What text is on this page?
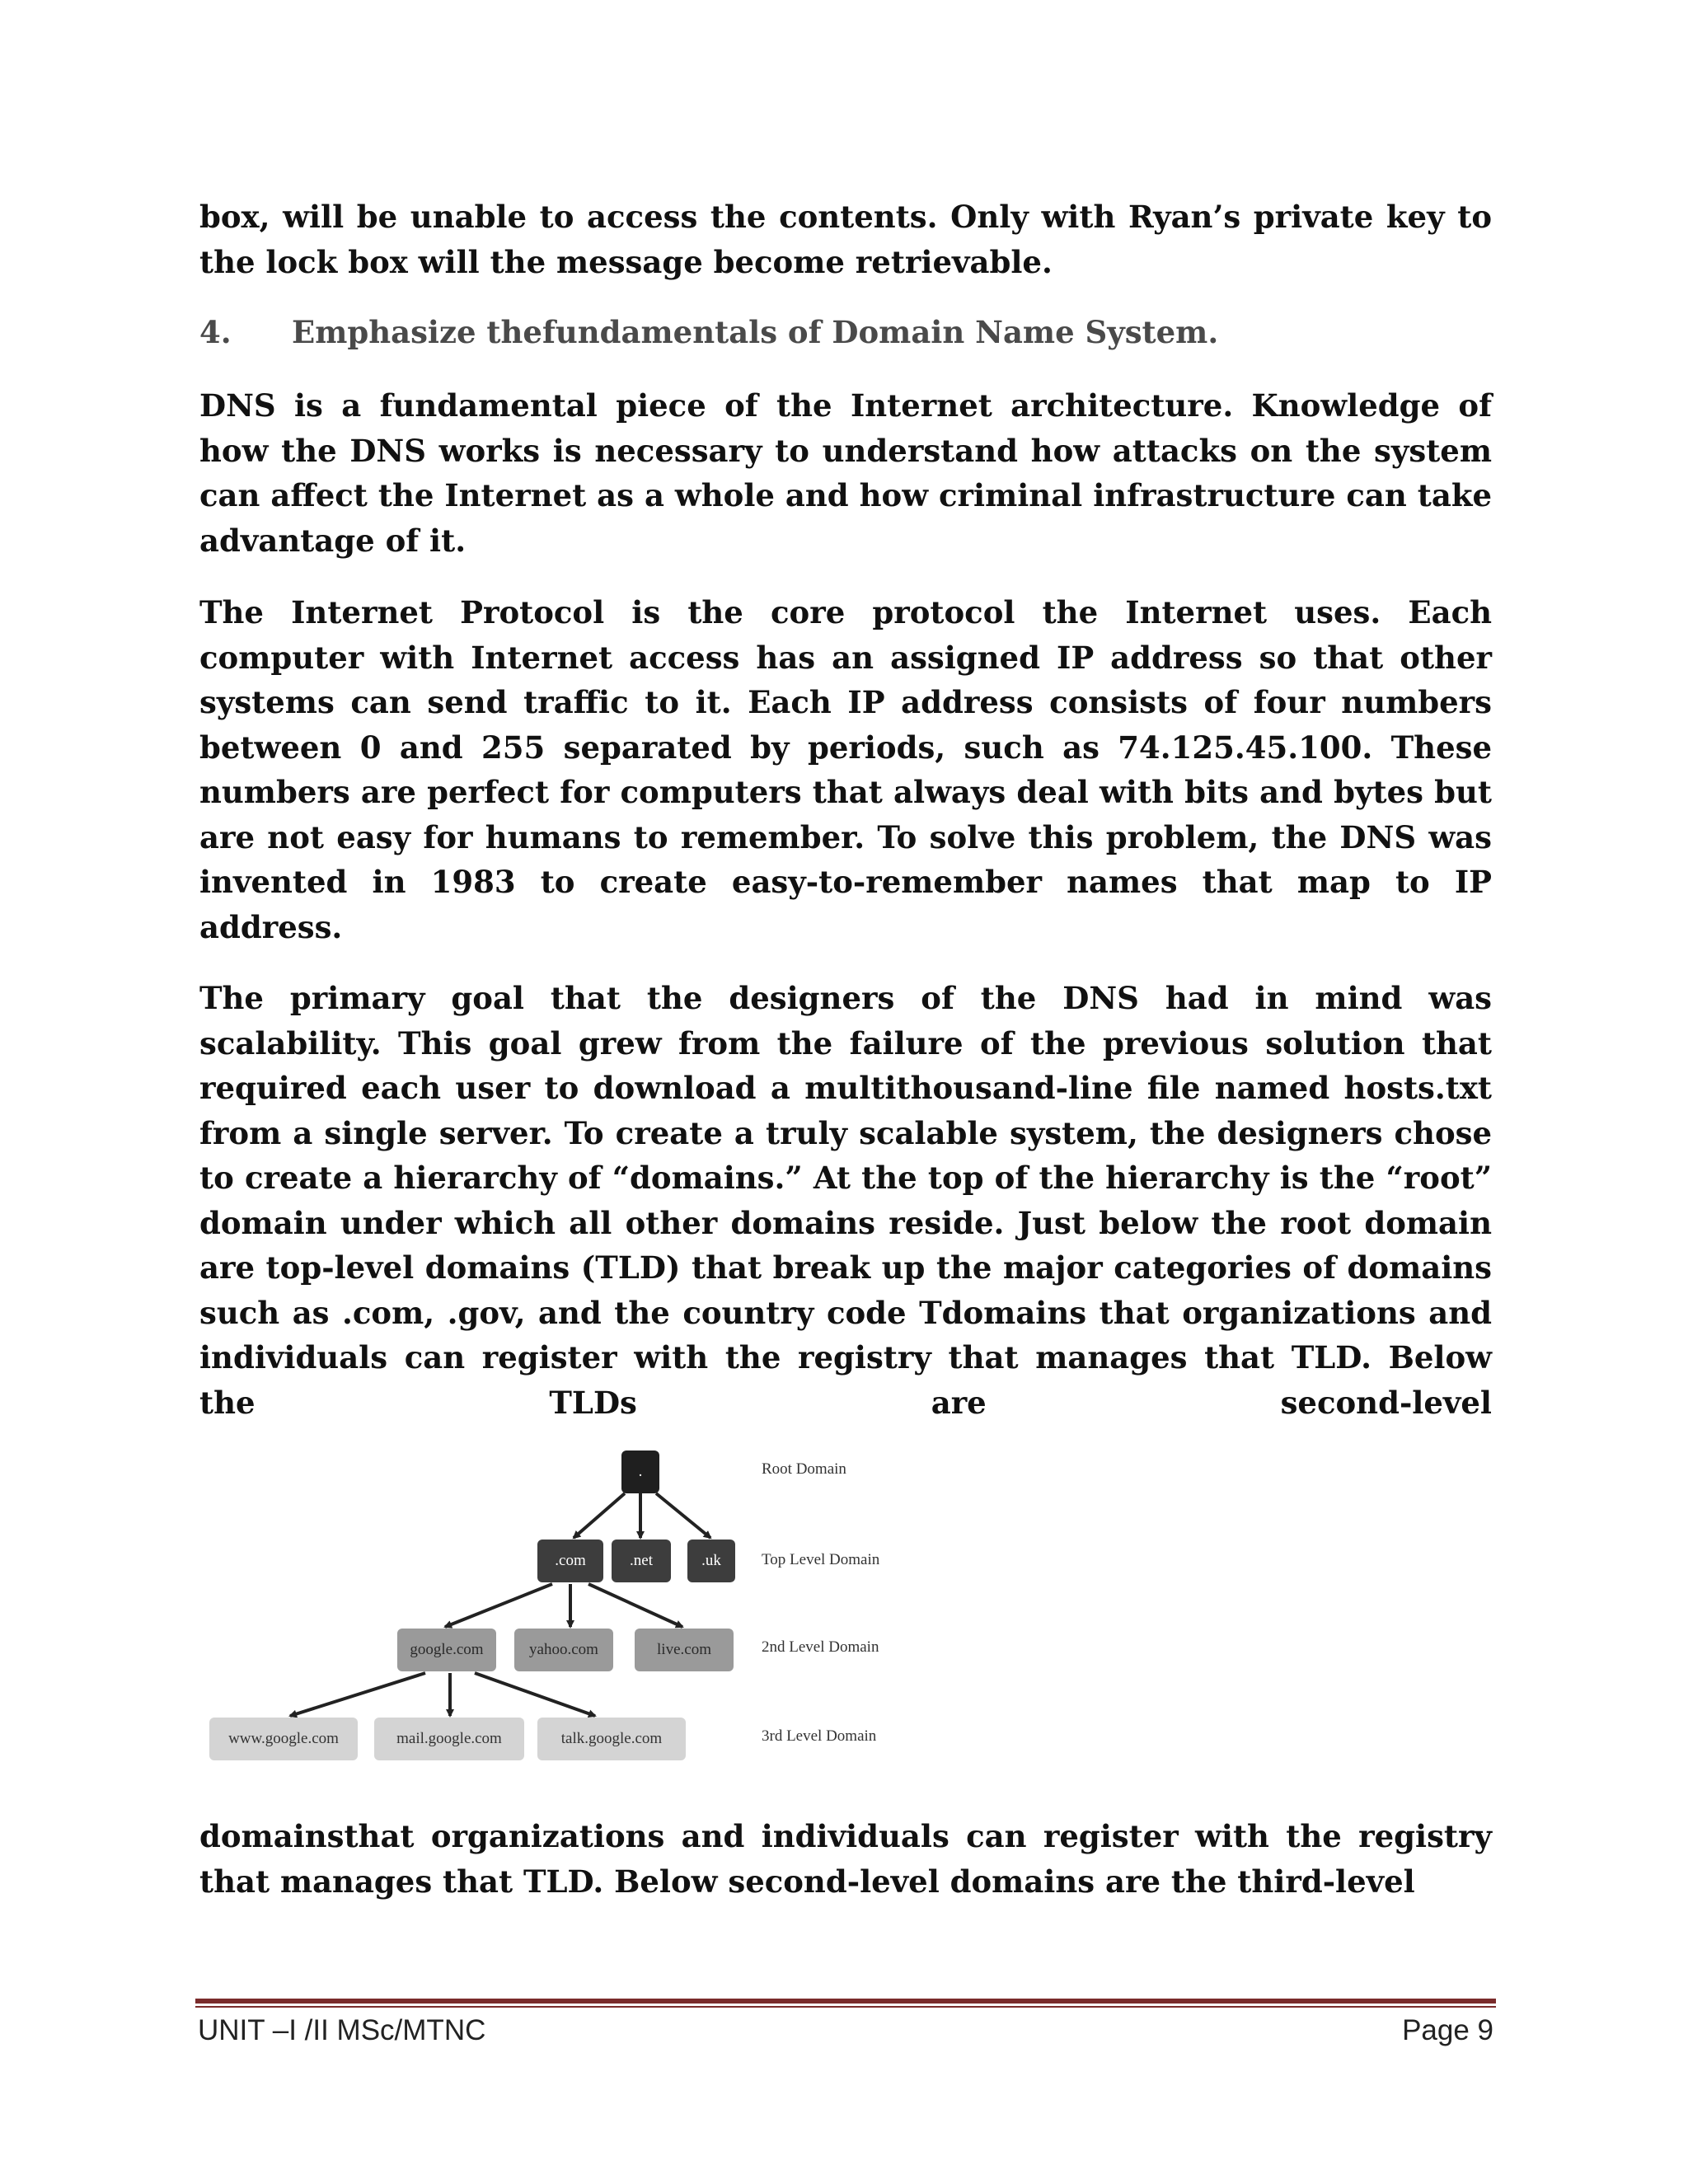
box, will be unable to access the contents. Only with Ryan’s private key to the lock box will the message become retrievable.

4. Emphasize thefundamentals of Domain Name System.

DNS is a fundamental piece of the Internet architecture. Knowledge of how the DNS works is necessary to understand how attacks on the system can affect the Internet as a whole and how criminal infrastructure can take advantage of it.

The Internet Protocol is the core protocol the Internet uses. Each computer with Internet access has an assigned IP address so that other systems can send traffic to it. Each IP address consists of four numbers between 0 and 255 separated by periods, such as 74.125.45.100. These numbers are perfect for computers that always deal with bits and bytes but are not easy for humans to remember. To solve this problem, the DNS was invented in 1983 to create easy-to-remember names that map to IP address.

The primary goal that the designers of the DNS had in mind was scalability. This goal grew from the failure of the previous solution that required each user to download a multithousand-line file named hosts.txt from a single server. To create a truly scalable system, the designers chose to create a hierarchy of “domains.” At the top of the hierarchy is the “root” domain under which all other domains reside. Just below the root domain are top-level domains (TLD) that break up the major categories of domains such as .com, .gov, and the country code Tdomains that organizations and individuals can register with the registry that manages that TLD. Below the TLDs are second-level

.
.com	.net	.uk
google.com	yahoo.com	live.com
www.google.com	mail.google.com	talk.google.com
Root Domain
Top Level Domain
2nd Level Domain
3rd Level Domain

domainsthat organizations and individuals can register with the registry that manages that TLD. Below second-level domains are the third-level

UNIT –I /II MSc/MTNC	Page 9
